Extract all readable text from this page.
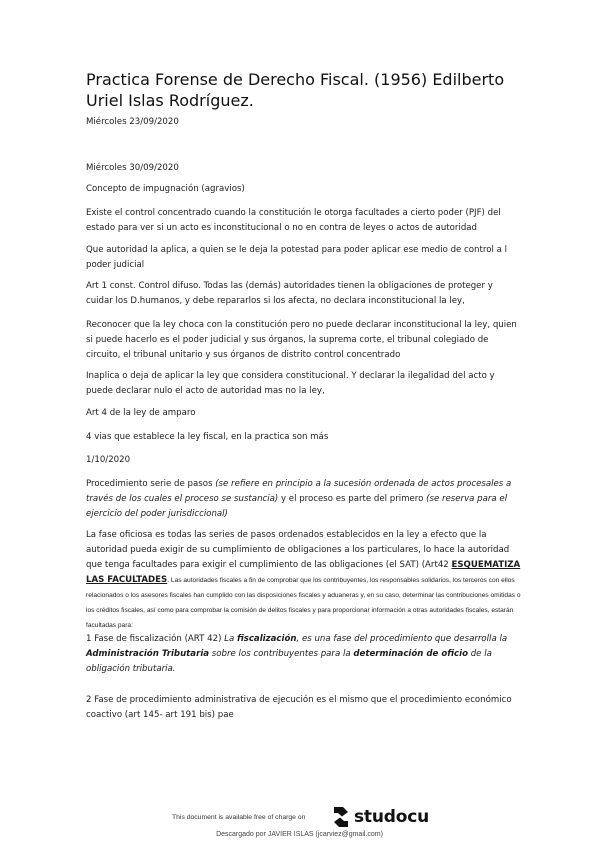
Practica Forense de Derecho Fiscal. (1956) Edilberto Uriel Islas Rodríguez.

Miércoles 23/09/2020

Miércoles 30/09/2020

Concepto de impugnación (agravios)

Existe el control concentrado cuando la constitución le otorga facultades a cierto poder (PJF) del estado para ver si un acto es inconstitucional o no en contra de leyes o actos de autoridad

Que autoridad la aplica, a quien se le deja la potestad para poder aplicar ese medio de control a l poder judicial

Art 1 const. Control difuso. Todas las (demás) autoridades tienen la obligaciones de proteger y cuidar los D.humanos, y debe repararlos si los afecta, no declara inconstitucional la ley,

Reconocer que la ley choca con la constitución pero no puede declarar inconstitucional la ley, quien si puede hacerlo es el poder judicial y sus órganos, la suprema corte, el tribunal colegiado de circuito, el tribunal unitario y sus órganos de distrito control concentrado

Inaplica o deja de aplicar la ley que considera constitucional. Y declarar la ilegalidad del acto y puede declarar nulo el acto de autoridad mas no la ley,

Art 4 de la ley de amparo

4 vias que establece la ley fiscal, en la practica son más

1/10/2020

Procedimiento serie de pasos (se refiere en principio a la sucesión ordenada de actos procesales a través de los cuales el proceso se sustancia) y el proceso es parte del primero (se reserva para el ejercicio del poder jurisdiccional)

La fase oficiosa es todas las series de pasos ordenados establecidos en la ley a efecto que la autoridad pueda exigir de su cumplimiento de obligaciones a los particulares, lo hace la autoridad que tenga facultades para exigir el cumplimiento de las obligaciones (el SAT) (Art42 ESQUEMATIZA LAS FACULTADES. Las autoridades fiscales a fin de comprobar que los contribuyentes, los responsables solidarios, los terceros con ellos relacionados o los asesores fiscales han cumplido con las disposiciones fiscales y aduaneras y, en su caso, determinar las contribuciones omitidas o los créditos fiscales, así como para comprobar la comisión de delitos fiscales y para proporcionar información a otras autoridades fiscales, estarán facultadas para:

1 Fase de fiscalización (ART 42) La fiscalización, es una fase del procedimiento que desarrolla la Administración Tributaria sobre los contribuyentes para la determinación de oficio de la obligación tributaria.

2 Fase de procedimiento administrativa de ejecución es el mismo que el procedimiento económico coactivo (art 145- art 191 bis) pae

This document is available free of charge on	studocu
Descargado por JAVIER ISLAS (jcarviez@gmail.com)
